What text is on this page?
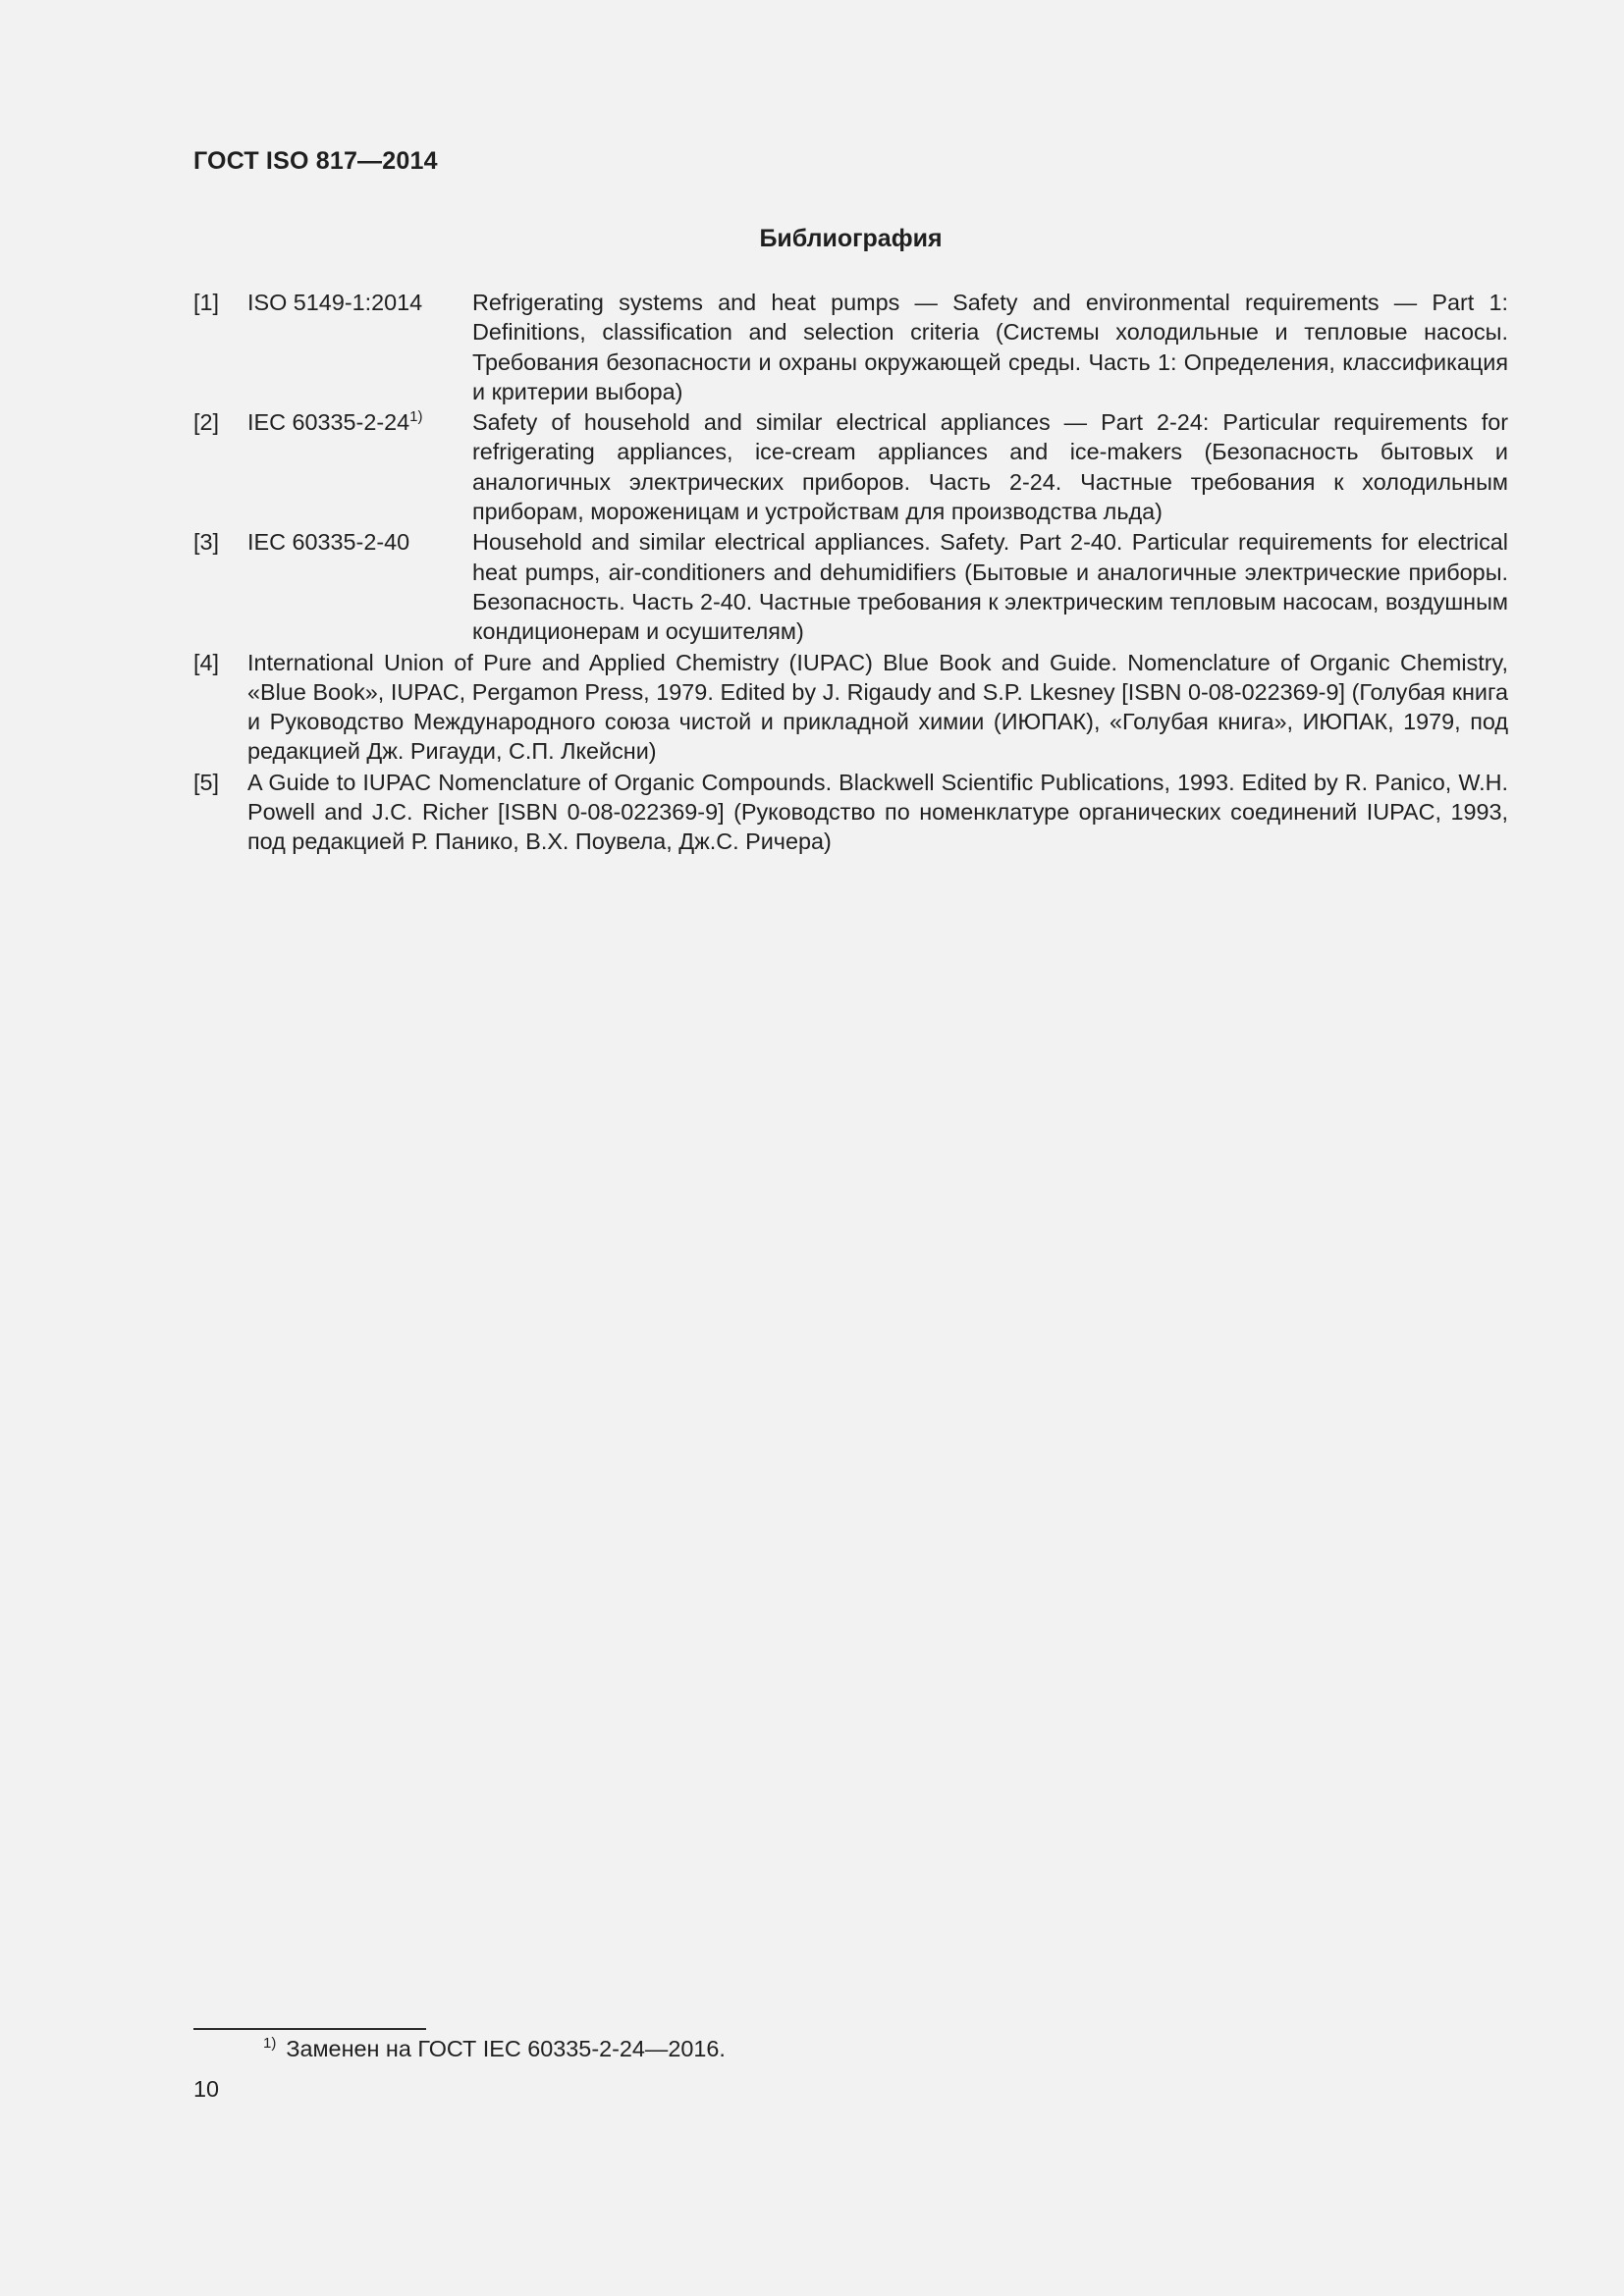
ГОСТ ISO 817—2014
Библиография
[1]	ISO 5149-1:2014	Refrigerating systems and heat pumps — Safety and environmental requirements — Part 1: Definitions, classification and selection criteria (Системы холодильные и тепловые насосы. Требования безопасности и охраны окружающей среды. Часть 1: Определения, классификация и критерии выбора)
[2]	IEC 60335-2-24$^{1)}$	Safety of household and similar electrical appliances — Part 2-24: Particular requirements for refrigerating appliances, ice-cream appliances and ice-makers (Безопасность бытовых и аналогичных электрических приборов. Часть 2-24. Частные требования к холодильным приборам, мороженицам и устройствам для производства льда)
[3]	IEC 60335-2-40	Household and similar electrical appliances. Safety. Part 2-40. Particular requirements for electrical heat pumps, air-conditioners and dehumidifiers (Бытовые и аналогичные электрические приборы. Безопасность. Часть 2-40. Частные требования к электрическим тепловым насосам, воздушным кондиционерам и осушителям)
[4]	International Union of Pure and Applied Chemistry (IUPAC) Blue Book and Guide. Nomenclature of Organic Chemistry, «Blue Book», IUPAC, Pergamon Press, 1979. Edited by J. Rigaudy and S.P. Lkesney [ISBN 0-08-022369-9] (Голубая книга и Руководство Международного союза чистой и прикладной химии (ИЮПАК), «Голубая книга», ИЮПАК, 1979, под редакцией Дж. Ригауди, С.П. Лкейсни)
[5]	A Guide to IUPAC Nomenclature of Organic Compounds. Blackwell Scientific Publications, 1993. Edited by R. Panico, W.H. Powell and J.C. Richer [ISBN 0-08-022369-9] (Руководство по номенклатуре органических соединений IUPAC, 1993, под редакцией Р. Панико, В.Х. Поувела, Дж.С. Ричера)
$^{1)}$ Заменен на ГОСТ IEC 60335-2-24—2016.
10
